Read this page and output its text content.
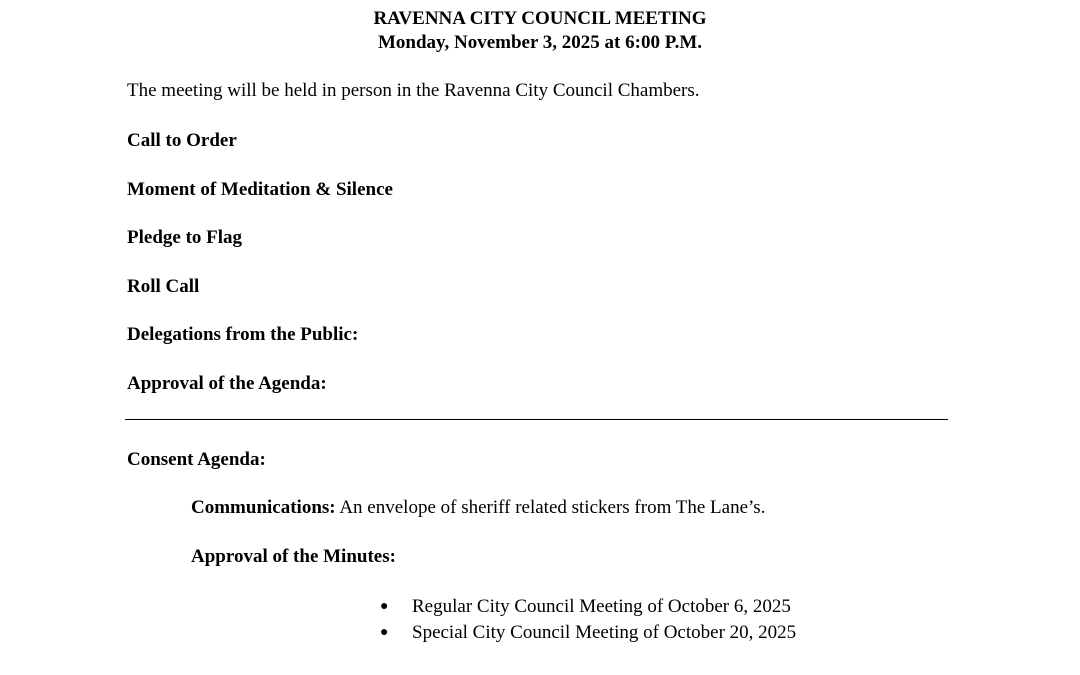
RAVENNA CITY COUNCIL MEETING
Monday, November 3, 2025 at 6:00 P.M.
The meeting will be held in person in the Ravenna City Council Chambers.
Call to Order
Moment of Meditation & Silence
Pledge to Flag
Roll Call
Delegations from the Public:
Approval of the Agenda:
Consent Agenda:
Communications: An envelope of sheriff related stickers from The Lane’s.
Approval of the Minutes:
● Regular City Council Meeting of October 6, 2025
● Special City Council Meeting of October 20, 2025
